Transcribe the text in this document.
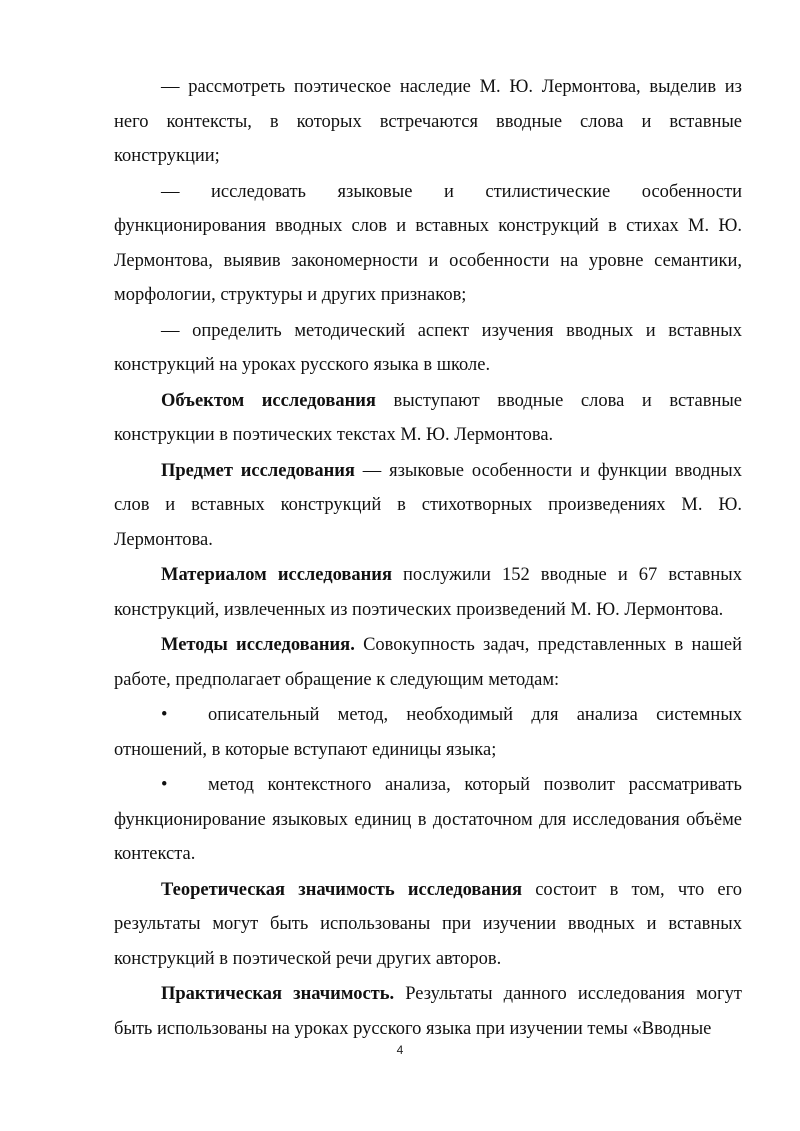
— рассмотреть поэтическое наследие М. Ю. Лермонтова, выделив из него контексты, в которых встречаются вводные слова и вставные конструкции;

— исследовать языковые и стилистические особенности функционирования вводных слов и вставных конструкций в стихах М. Ю. Лермонтова, выявив закономерности и особенности на уровне семантики, морфологии, структуры и других признаков;

— определить методический аспект изучения вводных и вставных конструкций на уроках русского языка в школе.

Объектом исследования выступают вводные слова и вставные конструкции в поэтических текстах М. Ю. Лермонтова.

Предмет исследования — языковые особенности и функции вводных слов и вставных конструкций в стихотворных произведениях М. Ю. Лермонтова.

Материалом исследования послужили 152 вводные и 67 вставных конструкций, извлеченных из поэтических произведений М. Ю. Лермонтова.

Методы исследования. Совокупность задач, представленных в нашей работе, предполагает обращение к следующим методам:

• описательный метод, необходимый для анализа системных отношений, в которые вступают единицы языка;

• метод контекстного анализа, который позволит рассматривать функционирование языковых единиц в достаточном для исследования объёме контекста.

Теоретическая значимость исследования состоит в том, что его результаты могут быть использованы при изучении вводных и вставных конструкций в поэтической речи других авторов.

Практическая значимость. Результаты данного исследования могут быть использованы на уроках русского языка при изучении темы «Вводные

4
